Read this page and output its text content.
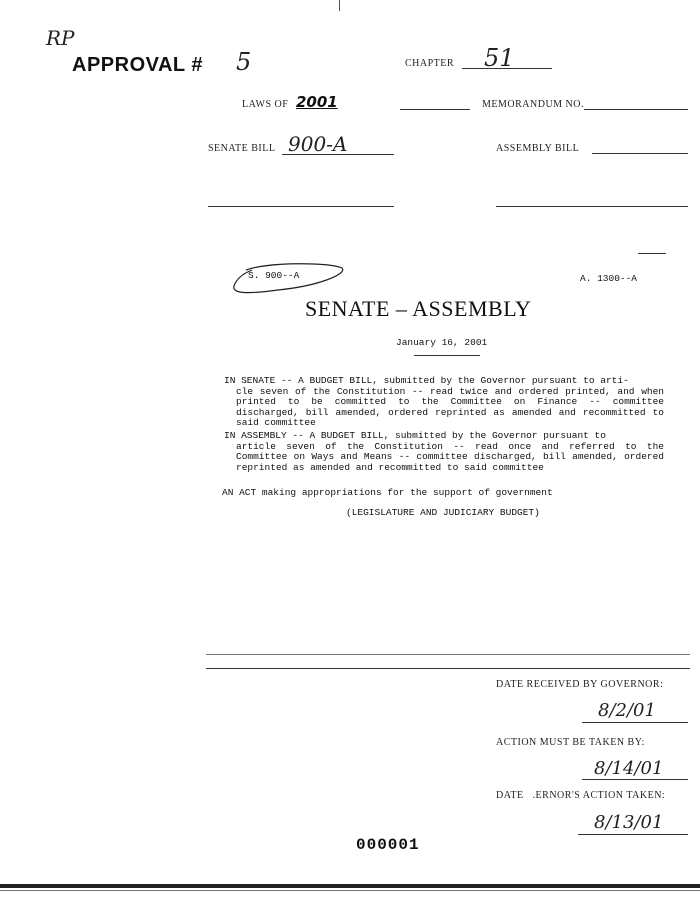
RP
APPROVAL # 5	CHAPTER 51
LAWS OF 2001	MEMORANDUM NO.
SENATE BILL 900-A	ASSEMBLY BILL
S. 900--A	A. 1300--A
SENATE – ASSEMBLY
January 16, 2001
IN SENATE -- A BUDGET BILL, submitted by the Governor pursuant to arti-
cle seven of the Constitution -- read twice and ordered printed, and when printed to be committed to the Committee on Finance -- committee discharged, bill amended, ordered reprinted as amended and recommitted to said committee
IN ASSEMBLY -- A BUDGET BILL, submitted by the Governor pursuant to
article seven of the Constitution -- read once and referred to the Committee on Ways and Means -- committee discharged, bill amended, ordered reprinted as amended and recommitted to said committee
AN ACT making appropriations for the support of government
(LEGISLATURE AND JUDICIARY BUDGET)
DATE RECEIVED BY GOVERNOR:
8/2/01
ACTION MUST BE TAKEN BY:
8/14/01
DATE   .ERNOR'S ACTION TAKEN:
8/13/01
000001
